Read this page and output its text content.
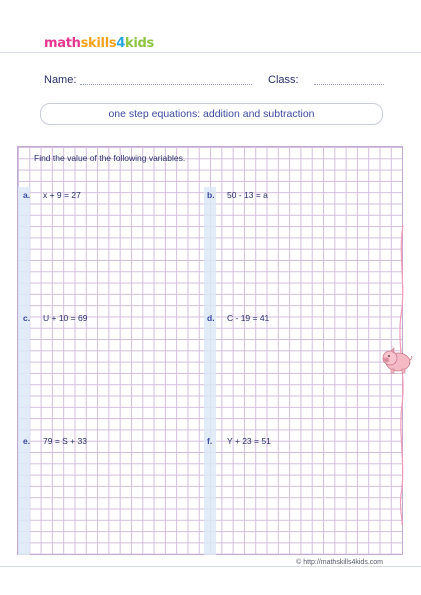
mathskills4kids
Name:	Class:
one step equations: addition and subtraction
Find the value of the following variables.
a. x + 9 = 27	b. 50 - 13 = a
c. U + 10 = 69	d. C - 19 = 41
e. 79 = S + 33	f. Y + 23 = 51
© http://mathskills4kids.com
